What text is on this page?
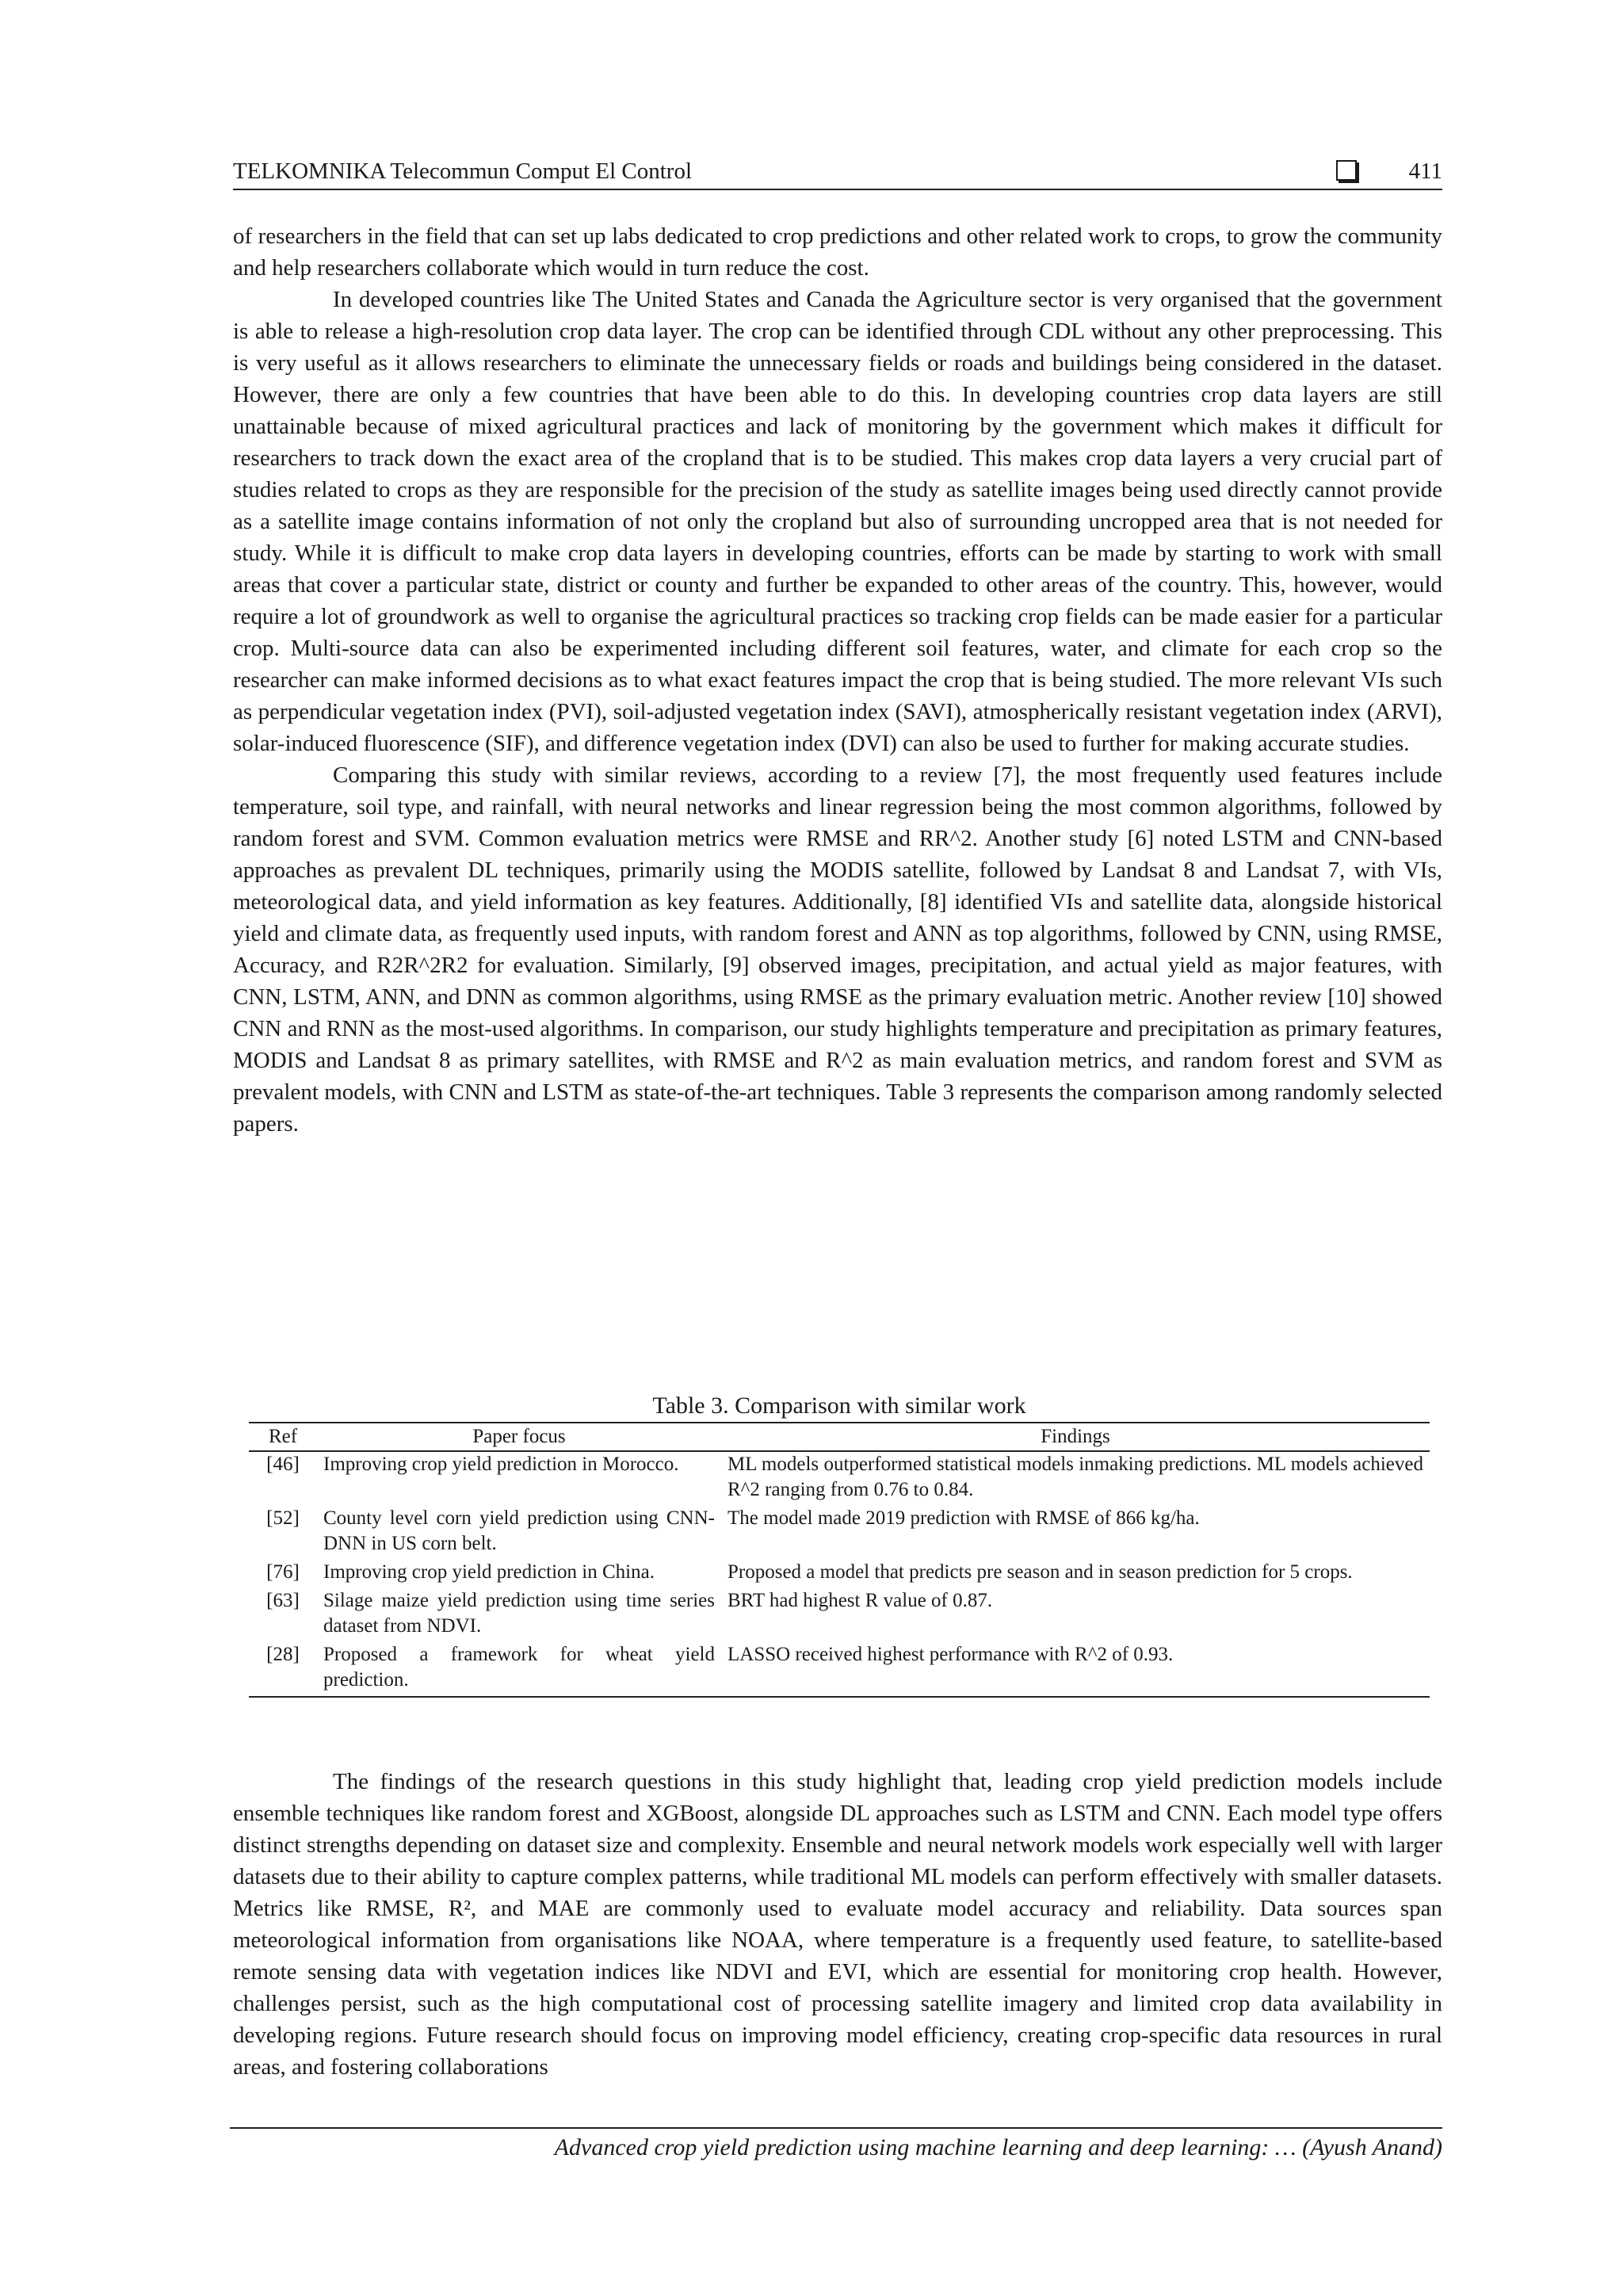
TELKOMNIKA Telecommun Comput El Control	411

of researchers in the field that can set up labs dedicated to crop predictions and other related work to crops, to grow the community and help researchers collaborate which would in turn reduce the cost.

In developed countries like The United States and Canada the Agriculture sector is very organised that the government is able to release a high-resolution crop data layer. The crop can be identified through CDL without any other preprocessing. This is very useful as it allows researchers to eliminate the unnecessary fields or roads and buildings being considered in the dataset. However, there are only a few countries that have been able to do this. In developing countries crop data layers are still unattainable because of mixed agricultural practices and lack of monitoring by the government which makes it difficult for researchers to track down the exact area of the cropland that is to be studied. This makes crop data layers a very crucial part of studies related to crops as they are responsible for the precision of the study as satellite images being used directly cannot provide as a satellite image contains information of not only the cropland but also of surrounding uncropped area that is not needed for study. While it is difficult to make crop data layers in developing countries, efforts can be made by starting to work with small areas that cover a particular state, district or county and further be expanded to other areas of the country. This, however, would require a lot of groundwork as well to organise the agricultural practices so tracking crop fields can be made easier for a particular crop. Multi-source data can also be experimented including different soil features, water, and climate for each crop so the researcher can make informed decisions as to what exact features impact the crop that is being studied. The more relevant VIs such as perpendicular vegetation index (PVI), soil-adjusted vegetation index (SAVI), atmospherically resistant vegetation index (ARVI), solar-induced fluorescence (SIF), and difference vegetation index (DVI) can also be used to further for making accurate studies.

Comparing this study with similar reviews, according to a review [7], the most frequently used features include temperature, soil type, and rainfall, with neural networks and linear regression being the most common algorithms, followed by random forest and SVM. Common evaluation metrics were RMSE and RR^2. Another study [6] noted LSTM and CNN-based approaches as prevalent DL techniques, primarily using the MODIS satellite, followed by Landsat 8 and Landsat 7, with VIs, meteorological data, and yield information as key features. Additionally, [8] identified VIs and satellite data, alongside historical yield and climate data, as frequently used inputs, with random forest and ANN as top algorithms, followed by CNN, using RMSE, Accuracy, and R2R^2R2 for evaluation. Similarly, [9] observed images, precipitation, and actual yield as major features, with CNN, LSTM, ANN, and DNN as common algorithms, using RMSE as the primary evaluation metric. Another review [10] showed CNN and RNN as the most-used algorithms. In comparison, our study highlights temperature and precipitation as primary features, MODIS and Landsat 8 as primary satellites, with RMSE and R^2 as main evaluation metrics, and random forest and SVM as prevalent models, with CNN and LSTM as state-of-the-art techniques. Table 3 represents the comparison among randomly selected papers.

Table 3. Comparison with similar work
Ref	Paper focus	Findings
[46]	Improving crop yield prediction in Morocco.	ML models outperformed statistical models inmaking predictions. ML models achieved R^2 ranging from 0.76 to 0.84.
[52]	County level corn yield prediction using CNN-DNN in US corn belt.	The model made 2019 prediction with RMSE of 866 kg/ha.
[76]	Improving crop yield prediction in China.	Proposed a model that predicts pre season and in season prediction for 5 crops.
[63]	Silage maize yield prediction using time series dataset from NDVI.	BRT had highest R value of 0.87.
[28]	Proposed a framework for wheat yield prediction.	LASSO received highest performance with R^2 of 0.93.

The findings of the research questions in this study highlight that, leading crop yield prediction models include ensemble techniques like random forest and XGBoost, alongside DL approaches such as LSTM and CNN. Each model type offers distinct strengths depending on dataset size and complexity. Ensemble and neural network models work especially well with larger datasets due to their ability to capture complex patterns, while traditional ML models can perform effectively with smaller datasets. Metrics like RMSE, R², and MAE are commonly used to evaluate model accuracy and reliability. Data sources span meteorological information from organisations like NOAA, where temperature is a frequently used feature, to satellite-based remote sensing data with vegetation indices like NDVI and EVI, which are essential for monitoring crop health. However, challenges persist, such as the high computational cost of processing satellite imagery and limited crop data availability in developing regions. Future research should focus on improving model efficiency, creating crop-specific data resources in rural areas, and fostering collaborations

Advanced crop yield prediction using machine learning and deep learning: … (Ayush Anand)
